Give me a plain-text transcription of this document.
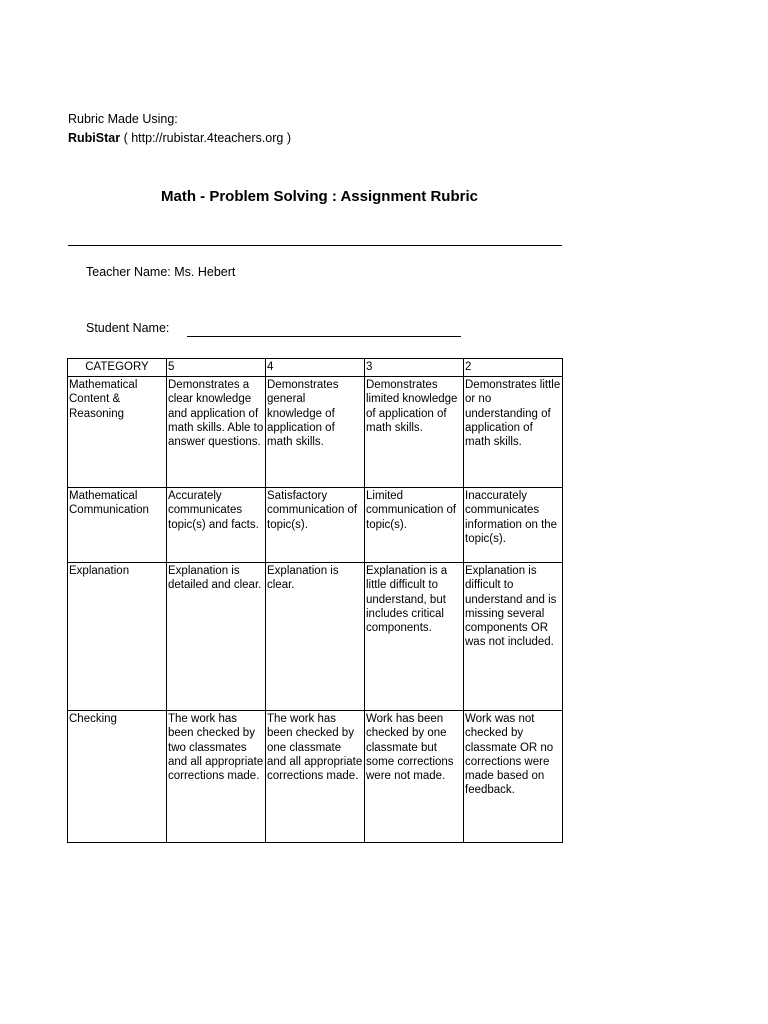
Rubric Made Using:
RubiStar ( http://rubistar.4teachers.org )
Math - Problem Solving : Assignment Rubric
Teacher Name: Ms. Hebert
Student Name:
CATEGORY	5	4	3	2
Mathematical Content & Reasoning	Demonstrates a clear knowledge and application of math skills. Able to answer questions.	Demonstrates general knowledge of application of math skills.	Demonstrates limited knowledge of application of math skills.	Demonstrates little or no understanding of application of math skills.
Mathematical Communication	Accurately communicates topic(s) and facts.	Satisfactory communication of topic(s).	Limited communication of topic(s).	Inaccurately communicates information on the topic(s).
Explanation	Explanation is detailed and clear.	Explanation is clear.	Explanation is a little difficult to understand, but includes critical components.	Explanation is difficult to understand and is missing several components OR was not included.
Checking	The work has been checked by two classmates and all appropriate corrections made.	The work has been checked by one classmate and all appropriate corrections made.	Work has been checked by one classmate but some corrections were not made.	Work was not checked by classmate OR no corrections were made based on feedback.
